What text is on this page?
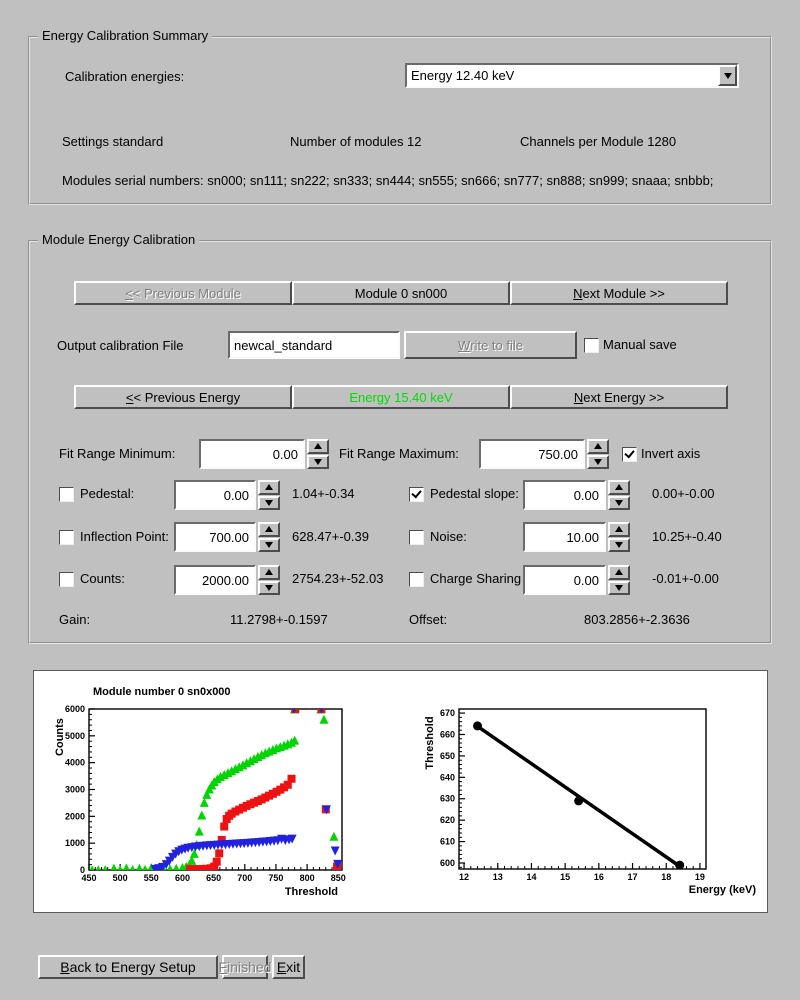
Energy Calibration Summary
Calibration energies:	Energy 12.40 keV
Settings standard	Number of modules 12	Channels per Module 1280
Modules serial numbers: sn000; sn111; sn222; sn333; sn444; sn555; sn666; sn777; sn888; sn999; snaaa; snbbb;
Module Energy Calibration
< < Previous Module	Module 0 sn000	N ext Module >>
Output calibration File
newcal_standard	W rite to file	Manual save
< < Previous Energy	Energy 15.40 keV	N ext Energy >>
Fit Range Minimum:	0.00	Fit Range Maximum:	750.00	Invert axis
Pedestal:	0.00	1.04+-0.34	Pedestal slope:	0.00	0.00+-0.00
Inflection Point:	700.00	628.47+-0.39	Noise:	10.00	10.25+-0.40
Counts:	2000.00	2754.23+-52.03	Charge Sharing	0.00	-0.01+-0.00
Gain:	11.2798+-0.1597	Offset:	803.2856+-2.3636
450 500 550 600 650 700 750 800 850
0
1000
2000
3000
4000
5000
6000
Module number 0 sn0x000
Threshold
Counts
12	13	14	15	16	17	18	19
600
610
620
630
640
650
660
670
Energy (keV)
Threshold
B ack to Energy Setup F inished E xit
